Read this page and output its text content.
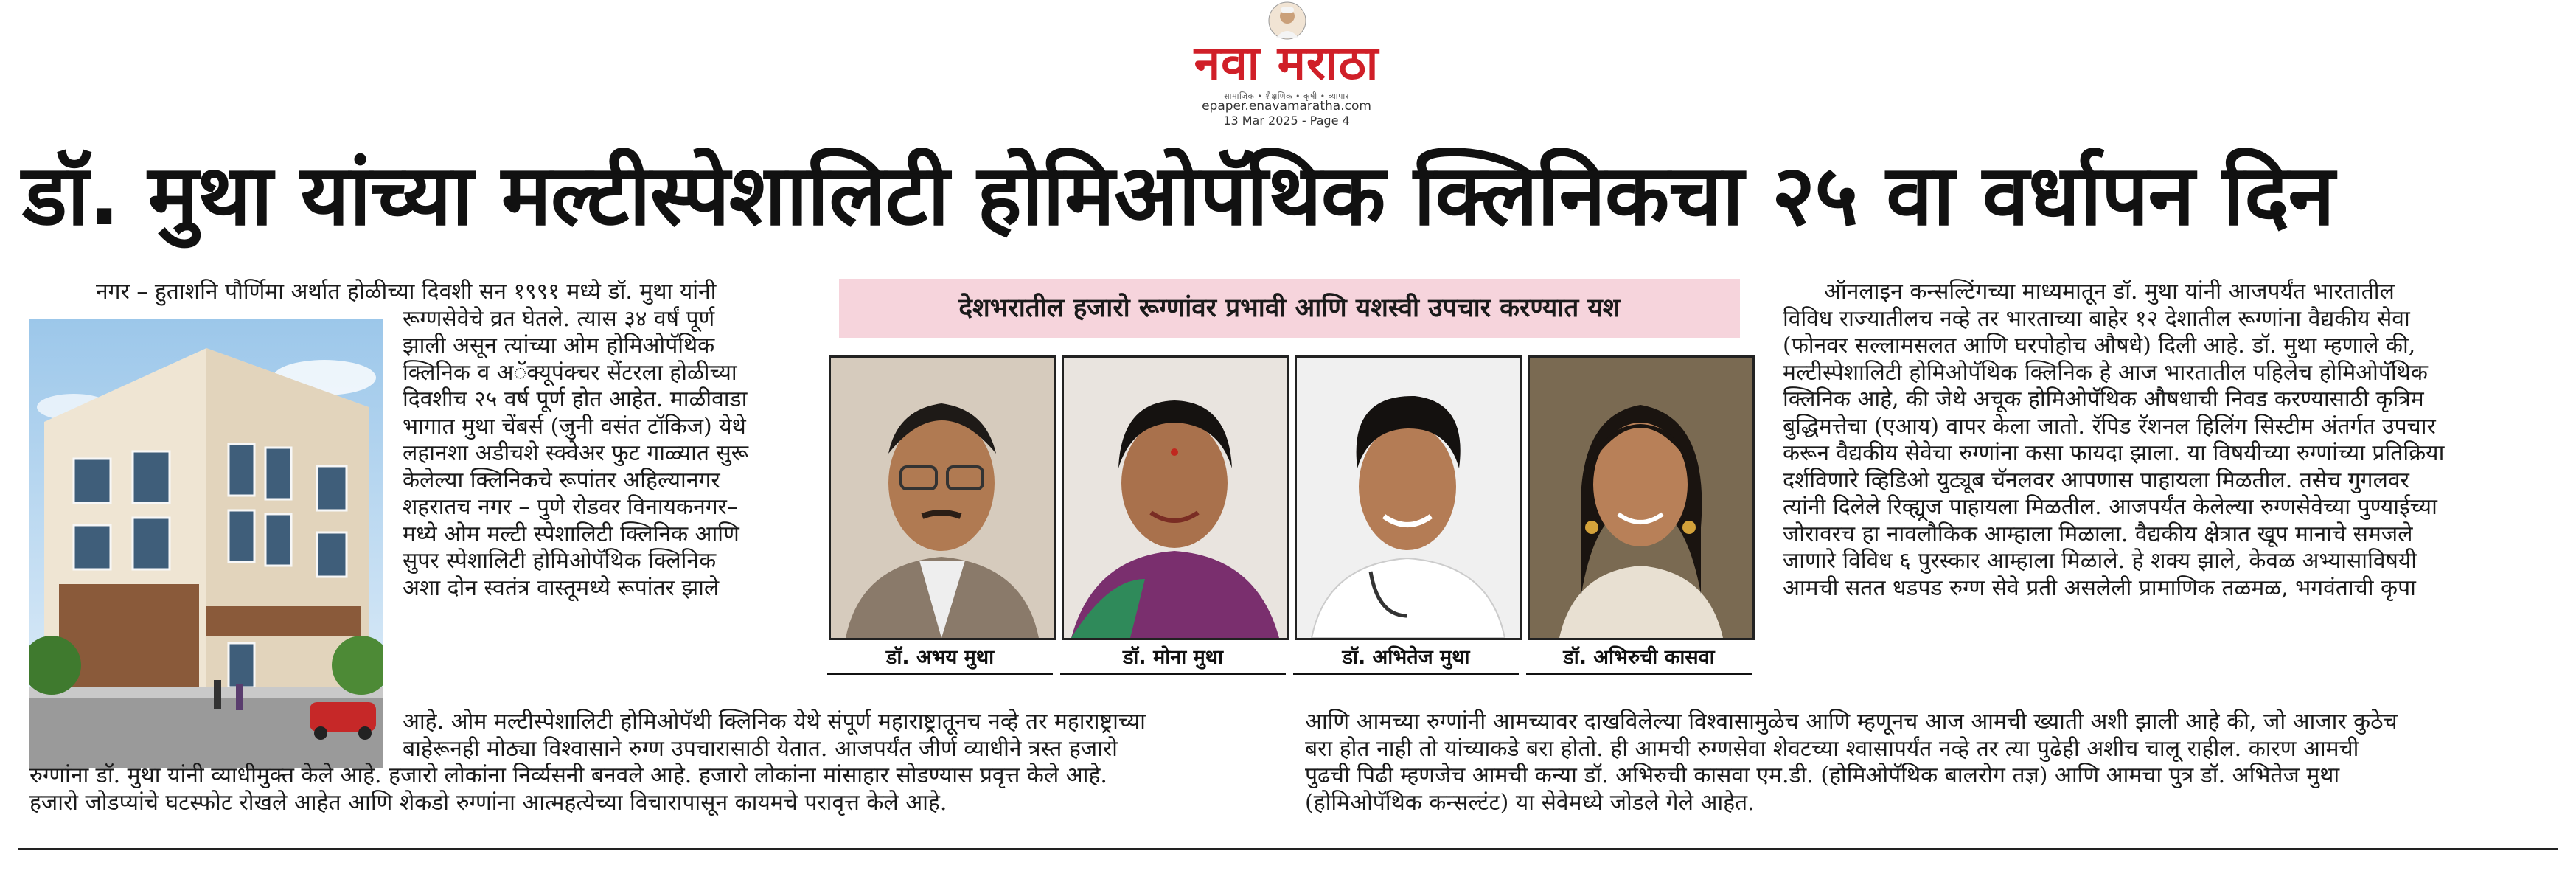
नवा मराठा
सामाजिक • शैक्षणिक • कृषी • व्यापार
epaper.enavamaratha.com
13 Mar 2025 - Page 4
डॉ. मुथा यांच्या मल्टीस्पेशालिटी होमिओपॅथिक क्लिनिकचा २५ वा वर्धापन दिन
नगर – हुताशनि पौर्णिमा अर्थात होळीच्या दिवशी सन १९९१ मध्ये डॉ. मुथा यांनी
रूग्णसेवेचे व्रत घेतले. त्यास ३४ वर्षं पूर्ण
झाली असून त्यांच्या ओम होमिओपॅथिक
क्लिनिक व अॅक्यूपंक्चर सेंटरला होळीच्या
दिवशीच २५ वर्ष पूर्ण होत आहेत. माळीवाडा
भागात मुथा चेंबर्स (जुनी वसंत टॉकिज) येथे
लहानशा अडीचशे स्क्वेअर फुट गाळ्यात सुरू
केलेल्या क्लिनिकचे रूपांतर अहिल्यानगर
शहरातच नगर – पुणे रोडवर विनायकनगर–
मध्ये ओम मल्टी स्पेशालिटी क्लिनिक आणि
सुपर स्पेशालिटी होमिओपॅथिक क्लिनिक
अशा दोन स्वतंत्र वास्तूमध्ये रूपांतर झाले
आहे. ओम मल्टीस्पेशालिटी होमिओपॅथी क्लिनिक येथे संपूर्ण महाराष्ट्रातूनच नव्हे तर महाराष्ट्राच्या
बाहेरूनही मोठ्या विश्वासाने रुग्ण उपचारासाठी येतात. आजपर्यंत जीर्ण व्याधीने त्रस्त हजारो
रुग्णांना डॉ. मुथा यांनी व्याधीमुक्त केले आहे. हजारो लोकांना निर्व्यसनी बनवले आहे. हजारो लोकांना मांसाहार सोडण्यास प्रवृत्त केले आहे.
हजारो जोडप्यांचे घटस्फोट रोखले आहेत आणि शेकडो रुग्णांना आत्महत्येच्या विचारापासून कायमचे परावृत्त केले आहे.
देशभरातील हजारो रूग्णांवर प्रभावी आणि यशस्वी उपचार करण्यात यश
डॉ. अभय मुथा	डॉ. मोना मुथा	डॉ. अभितेज मुथा	डॉ. अभिरुची कासवा
ऑनलाइन कन्सल्टिंगच्या माध्यमातून डॉ. मुथा यांनी आजपर्यंत भारतातील
विविध राज्यातीलच नव्हे तर भारताच्या बाहेर १२ देशातील रूग्णांना वैद्यकीय सेवा
(फोनवर सल्लामसलत आणि घरपोहोच औषधे) दिली आहे. डॉ. मुथा म्हणाले की,
मल्टीस्पेशालिटी होमिओपॅथिक क्लिनिक हे आज भारतातील पहिलेच होमिओपॅथिक
क्लिनिक आहे, की जेथे अचूक होमिओपॅथिक औषधाची निवड करण्यासाठी कृत्रिम
बुद्धिमत्तेचा (एआय) वापर केला जातो. रॅपिड रॅशनल हिलिंग सिस्टीम अंतर्गत उपचार
करून वैद्यकीय सेवेचा रुग्णांना कसा फायदा झाला. या विषयीच्या रुग्णांच्या प्रतिक्रिया
दर्शविणारे व्हिडिओ युट्यूब चॅनलवर आपणास पाहायला मिळतील. तसेच गुगलवर
त्यांनी दिलेले रिव्ह्यूज पाहायला मिळतील. आजपर्यंत केलेल्या रुग्णसेवेच्या पुण्याईच्या
जोरावरच हा नावलौकिक आम्हाला मिळाला. वैद्यकीय क्षेत्रात खूप मानाचे समजले
जाणारे विविध ६ पुरस्कार आम्हाला मिळाले. हे शक्य झाले, केवळ अभ्यासाविषयी
आमची सतत धडपड रुग्ण सेवे प्रती असलेली प्रामाणिक तळमळ, भगवंताची कृपा
आणि आमच्या रुग्णांनी आमच्यावर दाखविलेल्या विश्वासामुळेच आणि म्हणूनच आज आमची ख्याती अशी झाली आहे की, जो आजार कुठेच
बरा होत नाही तो यांच्याकडे बरा होतो. ही आमची रुग्णसेवा शेवटच्या श्वासापर्यंत नव्हे तर त्या पुढेही अशीच चालू राहील. कारण आमची
पुढची पिढी म्हणजेच आमची कन्या डॉ. अभिरुची कासवा एम.डी. (होमिओपॅथिक बालरोग तज्ञ) आणि आमचा पुत्र डॉ. अभितेज मुथा
(होमिओपॅथिक कन्सल्टंट) या सेवेमध्ये जोडले गेले आहेत.
